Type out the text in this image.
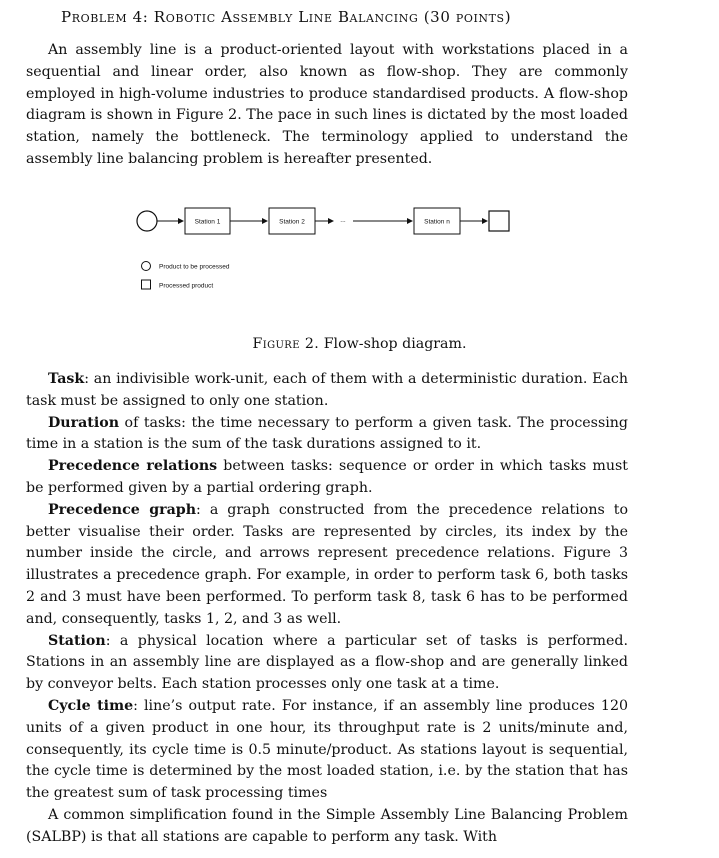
Problem 4: Robotic Assembly Line Balancing (30 points)
An assembly line is a product-oriented layout with workstations placed in a sequential and linear order, also known as flow-shop. They are commonly employed in high-volume industries to produce standardised products. A flow-shop diagram is shown in Figure 2. The pace in such lines is dictated by the most loaded station, namely the bottleneck. The terminology applied to understand the assembly line balancing problem is hereafter presented.
Station 1	Station 2	...	Station n
Product to be processed
Processed product
Figure 2. Flow-shop diagram.

Task: an indivisible work-unit, each of them with a deterministic duration. Each task must be assigned to only one station.

Duration of tasks: the time necessary to perform a given task. The processing time in a station is the sum of the task durations assigned to it.

Precedence relations between tasks: sequence or order in which tasks must be performed given by a partial ordering graph.

Precedence graph: a graph constructed from the precedence relations to better visualise their order. Tasks are represented by circles, its index by the number inside the circle, and arrows represent precedence relations. Figure 3 illustrates a precedence graph. For example, in order to perform task 6, both tasks 2 and 3 must have been performed. To perform task 8, task 6 has to be performed and, consequently, tasks 1, 2, and 3 as well.

Station: a physical location where a particular set of tasks is performed. Stations in an assembly line are displayed as a flow-shop and are generally linked by conveyor belts. Each station processes only one task at a time.

Cycle time: line’s output rate. For instance, if an assembly line produces 120 units of a given product in one hour, its throughput rate is 2 units/minute and, consequently, its cycle time is 0.5 minute/product. As stations layout is sequential, the cycle time is determined by the most loaded station, i.e. by the station that has the greatest sum of task processing times

A common simplification found in the Simple Assembly Line Balancing Problem (SALBP) is that all stations are capable to perform any task. With
